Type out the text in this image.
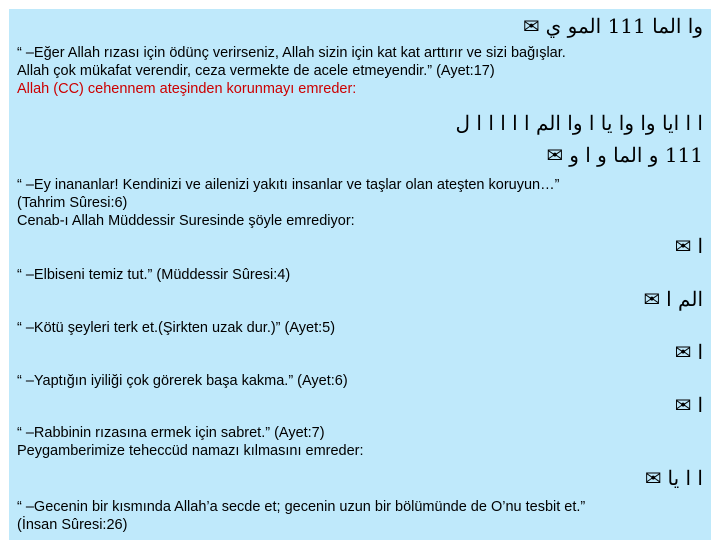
وا الما 111 المو ي
✉
“ –Eğer Allah rızası için ödünç verirseniz, Allah sizin için kat kat arttırır ve sizi bağışlar.
Allah çok mükafat verendir, ceza vermekte de acele etmeyendir.” (Ayet:17)
Allah (CC) cehennem ateşinden korunmayı emreder:
ا ا ايا وا وا يا ا وا الم ا ا ا ا ا ل
111 و الما و ا و
✉
“ –Ey inananlar! Kendinizi ve ailenizi yakıtı insanlar ve taşlar olan ateşten koruyun…”
(Tahrim Sûresi:6)
Cenab-ı Allah Müddessir Suresinde şöyle emrediyor:
ا
✉
“ –Elbiseni temiz tut.” (Müddessir Sûresi:4)
الم ا
✉
“ –Kötü şeyleri terk et.(Şirkten uzak dur.)” (Ayet:5)
ا
✉
“ –Yaptığın iyiliği çok görerek başa kakma.” (Ayet:6)
ا
✉
“ –Rabbinin rızasına ermek için sabret.” (Ayet:7)
Peygamberimize teheccüd namazı kılmasını emreder:
ا ا يا
✉
“ –Gecenin bir kısmında Allah’a secde et; gecenin uzun bir bölümünde de O’nu tesbit et.”
(İnsan Sûresi:26)
